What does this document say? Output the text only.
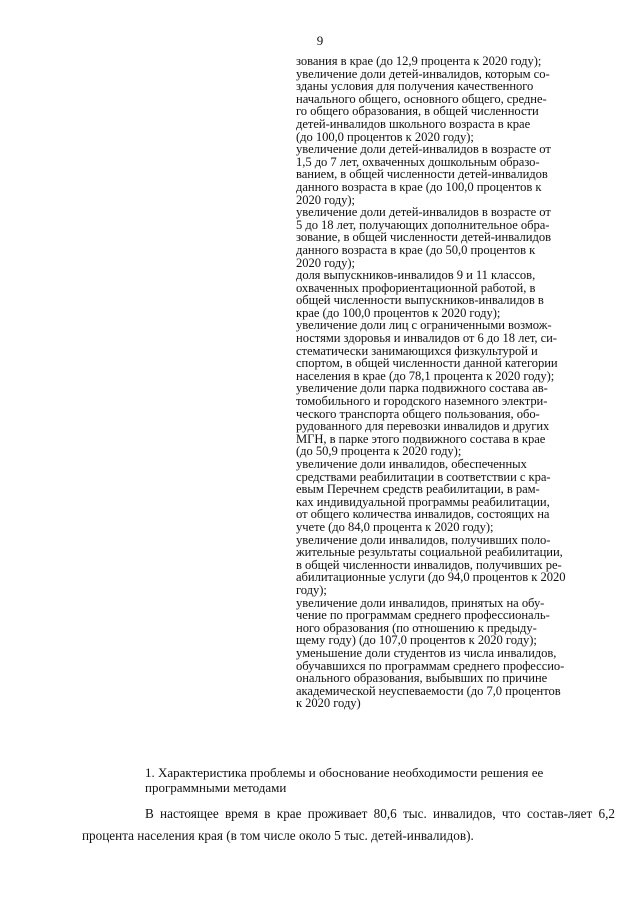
9

зования в крае (до 12,9 процента к 2020 году);

увеличение доли детей-инвалидов, которым со-
зданы условия для получения качественного
начального общего, основного общего, средне-
го общего образования, в общей численности
детей-инвалидов школьного возраста в крае
(до 100,0 процентов к 2020 году);

увеличение доли детей-инвалидов в возрасте от
1,5 до 7 лет, охваченных дошкольным образо-
ванием, в общей численности детей-инвалидов
данного возраста в крае (до 100,0 процентов к
2020 году);

увеличение доли детей-инвалидов в возрасте от
5 до 18 лет, получающих дополнительное обра-
зование, в общей численности детей-инвалидов
данного возраста в крае (до 50,0 процентов к
2020 году);

доля выпускников-инвалидов 9 и 11 классов,
охваченных профориентационной работой, в
общей численности выпускников-инвалидов в
крае (до 100,0 процентов к 2020 году);

увеличение доли лиц с ограниченными возмож-
ностями здоровья и инвалидов от 6 до 18 лет, си-
стематически занимающихся физкультурой и
спортом, в общей численности данной категории
населения в крае (до 78,1 процента к 2020 году);

увеличение доли парка подвижного состава ав-
томобильного и городского наземного электри-
ческого транспорта общего пользования, обо-
рудованного для перевозки инвалидов и других
МГН, в парке этого подвижного состава в крае
(до 50,9 процента к 2020 году);

увеличение доли инвалидов, обеспеченных
средствами реабилитации в соответствии с кра-
евым Перечнем средств реабилитации, в рам-
ках индивидуальной программы реабилитации,
от общего количества инвалидов, состоящих на
учете (до 84,0 процента к 2020 году);

увеличение доли инвалидов, получивших поло-
жительные результаты социальной реабилитации,
в общей численности инвалидов, получивших ре-
абилитационные услуги (до 94,0 процентов к 2020
году);

увеличение доли инвалидов, принятых на обу-
чение по программам среднего профессиональ-
ного образования (по отношению к предыду-
щему году) (до 107,0 процентов к 2020 году);

уменьшение доли студентов из числа инвалидов,
обучавшихся по программам среднего профессио-
онального образования, выбывших по причине
академической неуспеваемости (до 7,0 процентов
к 2020 году)

1. Характеристика проблемы и обоснование необходимости решения ее
программными методами

В настоящее время в крае проживает 80,6 тыс. инвалидов, что состав-ляет 6,2 процента населения края (в том числе около 5 тыс. детей-инвалидов).
